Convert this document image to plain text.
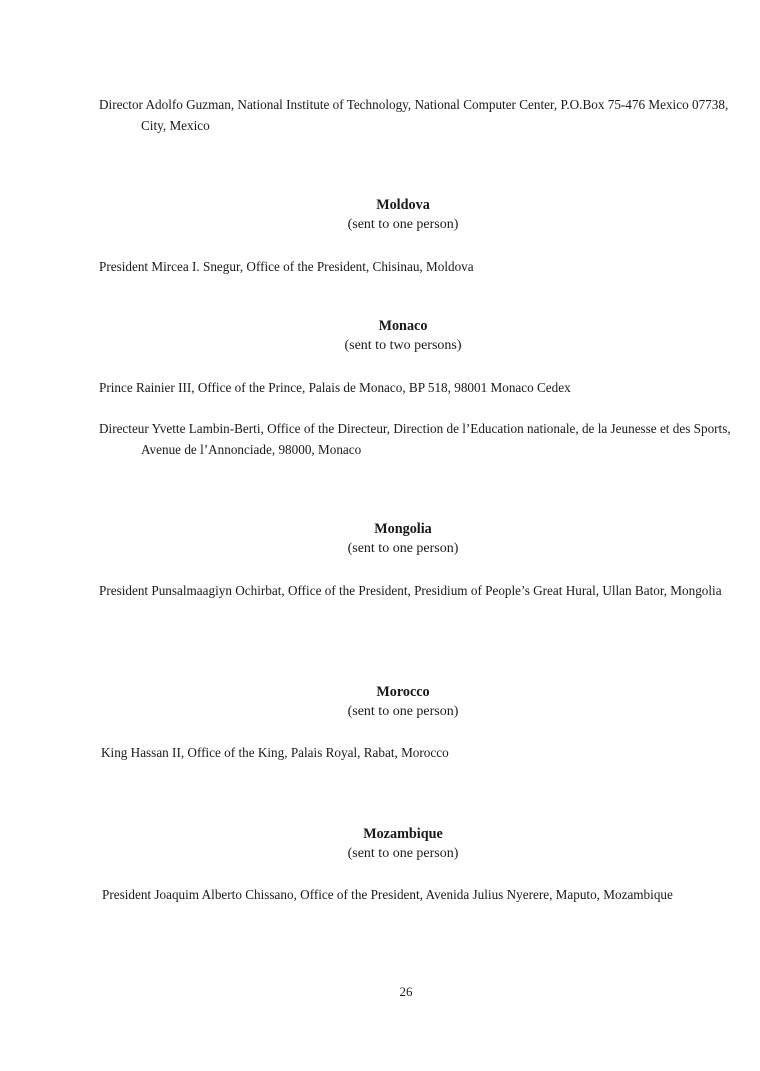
Director Adolfo Guzman, National Institute of Technology, National Computer Center, P.O.Box 75-476 Mexico 07738, City, Mexico

Moldova
(sent to one person)

President Mircea I. Snegur, Office of the President, Chisinau, Moldova

Monaco
(sent to two persons)

Prince Rainier III, Office of the Prince, Palais de Monaco, BP 518, 98001 Monaco Cedex

Directeur Yvette Lambin-Berti, Office of the Directeur, Direction de l’Education nationale, de la Jeunesse et des Sports, Avenue de l’Annonciade, 98000, Monaco

Mongolia
(sent to one person)

President Punsalmaagiyn Ochirbat, Office of the President, Presidium of People’s Great Hural, Ullan Bator, Mongolia

Morocco
(sent to one person)

King Hassan II, Office of the King, Palais Royal, Rabat, Morocco

Mozambique
(sent to one person)

President Joaquim Alberto Chissano, Office of the President, Avenida Julius Nyerere, Maputo, Mozambique

26
